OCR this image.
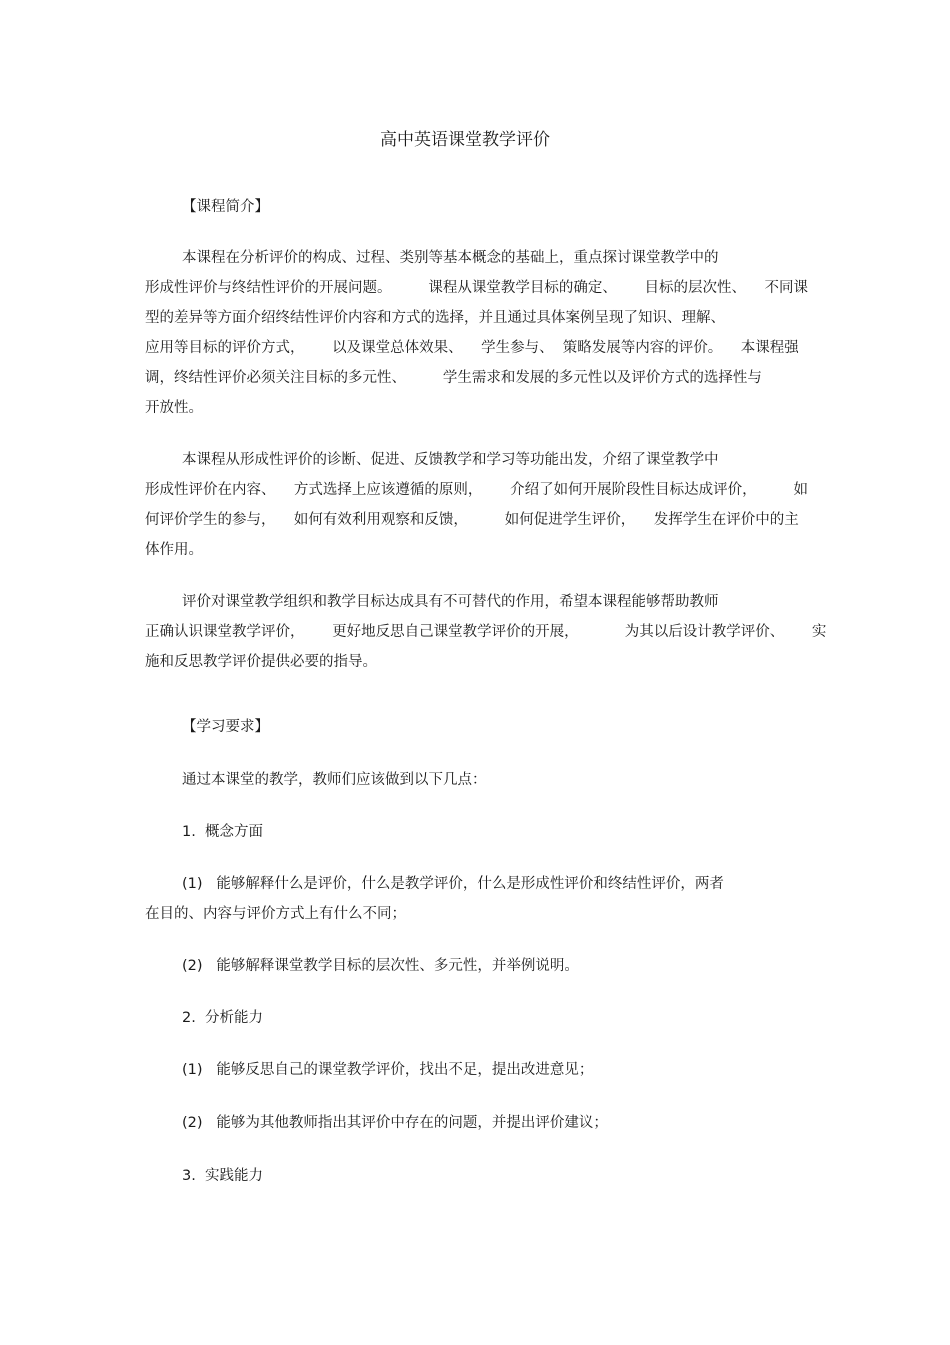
高中英语课堂教学评价
【课程简介】
本课程在分析评价的构成、过程、类别等基本概念的基础上，重点探讨课堂教学中的
形成性评价与终结性评价的开展问题。        课程从课堂教学目标的确定、      目标的层次性、    不同课
型的差异等方面介绍终结性评价内容和方式的选择，并且通过具体案例呈现了知识、理解、
应用等目标的评价方式，      以及课堂总体效果、    学生参与、  策略发展等内容的评价。    本课程强
调，终结性评价必须关注目标的多元性、        学生需求和发展的多元性以及评价方式的选择性与
开放性。
本课程从形成性评价的诊断、促进、反馈教学和学习等功能出发，介绍了课堂教学中
形成性评价在内容、    方式选择上应该遵循的原则，      介绍了如何开展阶段性目标达成评价，        如
何评价学生的参与，    如何有效利用观察和反馈，        如何促进学生评价，    发挥学生在评价中的主
体作用。
评价对课堂教学组织和教学目标达成具有不可替代的作用，希望本课程能够帮助教师
正确认识课堂教学评价，      更好地反思自己课堂教学评价的开展，          为其以后设计教学评价、      实
施和反思教学评价提供必要的指导。
【学习要求】
通过本课堂的教学，教师们应该做到以下几点：
1.  概念方面
(1)   能够解释什么是评价，什么是教学评价，什么是形成性评价和终结性评价，两者
在目的、内容与评价方式上有什么不同；
(2)   能够解释课堂教学目标的层次性、多元性，并举例说明。
2.  分析能力
(1)   能够反思自己的课堂教学评价，找出不足，提出改进意见；
(2)   能够为其他教师指出其评价中存在的问题，并提出评价建议；
3.  实践能力
